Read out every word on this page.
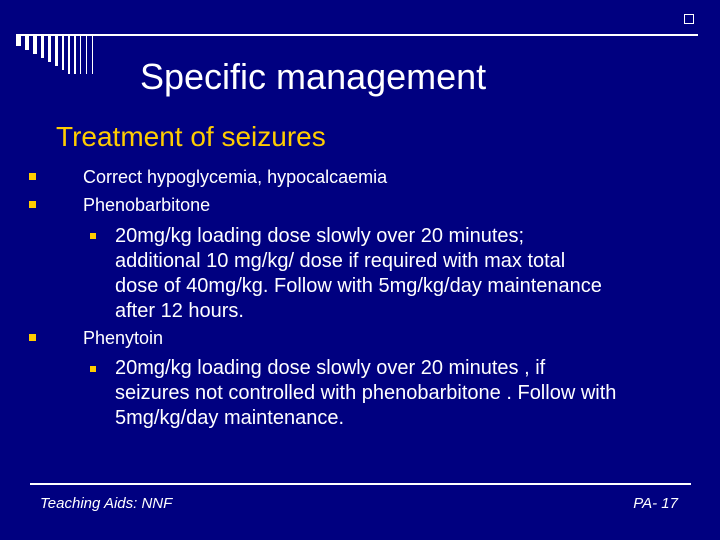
Specific management
Treatment of seizures
Correct hypoglycemia, hypocalcaemia
Phenobarbitone
20mg/kg loading dose slowly over 20 minutes;
additional 10 mg/kg/ dose if required with max total
dose of 40mg/kg. Follow with 5mg/kg/day maintenance
after 12 hours.
Phenytoin
20mg/kg loading dose slowly over 20 minutes , if
seizures not controlled with phenobarbitone . Follow with
5mg/kg/day maintenance.
Teaching Aids: NNF	PA- 17
